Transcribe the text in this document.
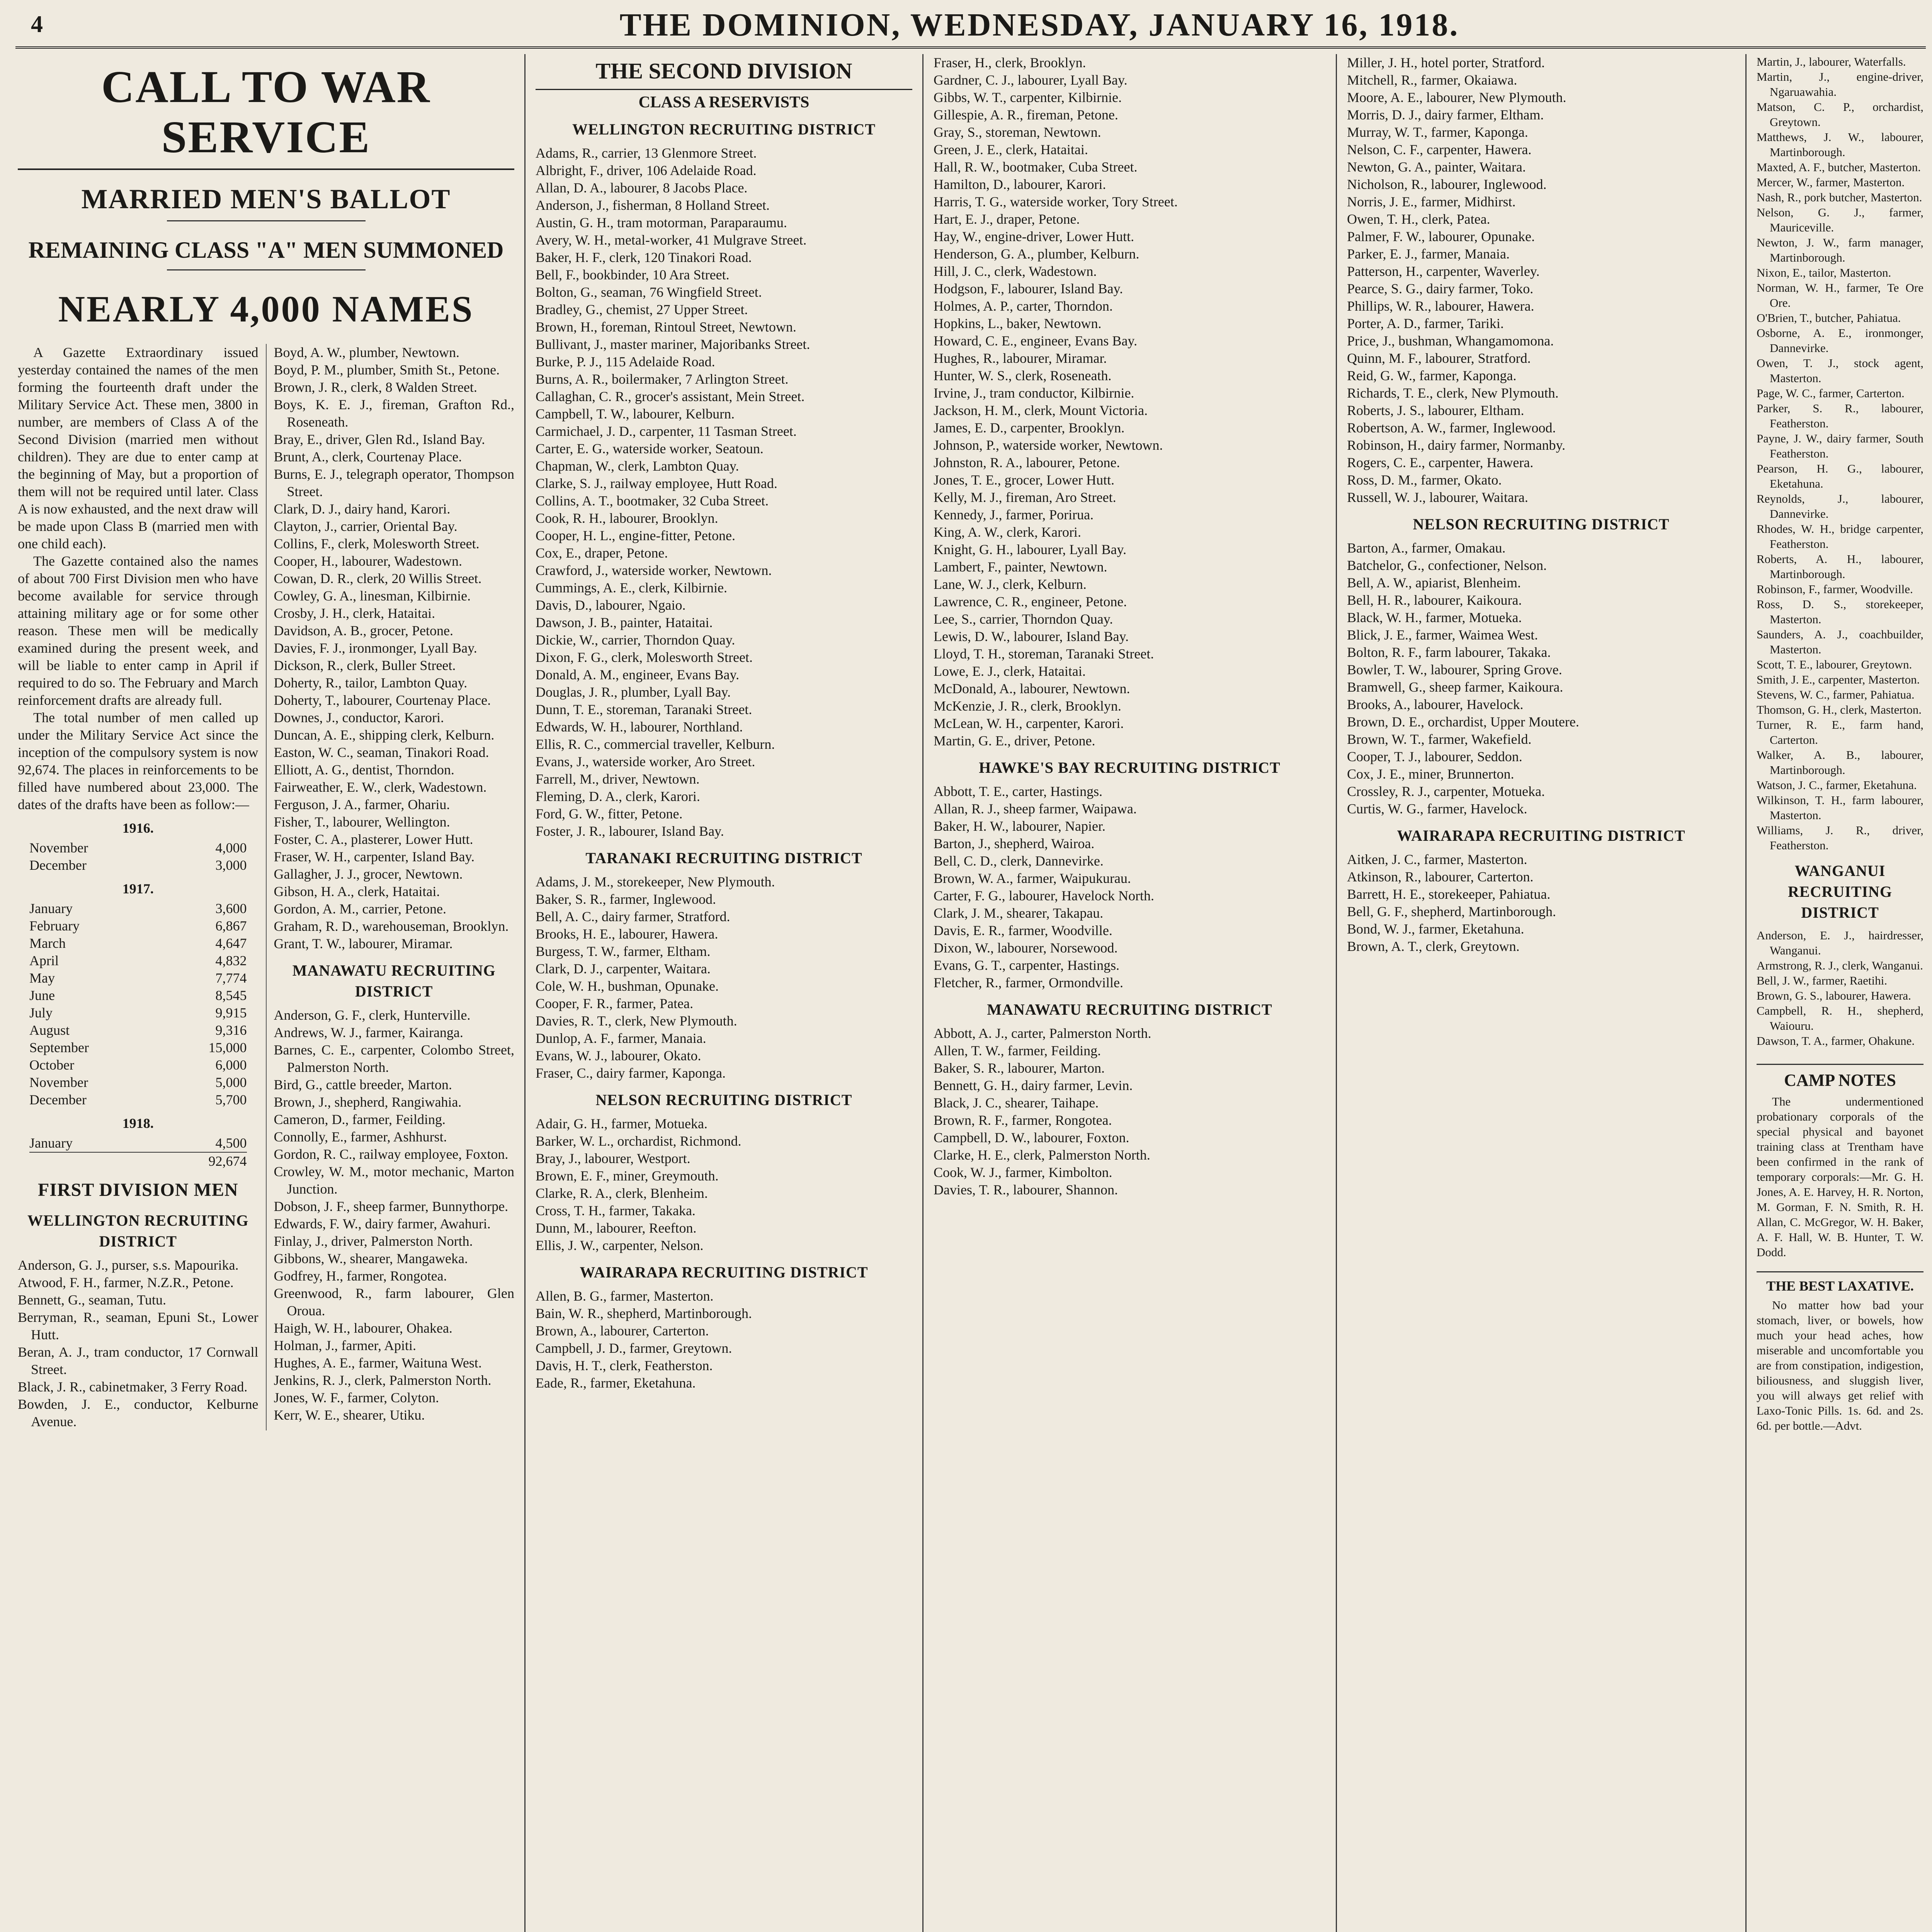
4	THE DOMINION, WEDNESDAY, JANUARY 16, 1918.
CALL TO WAR SERVICE
MARRIED MEN'S BALLOT
REMAINING CLASS "A" MEN SUMMONED
NEARLY 4,000 NAMES

A Gazette Extraordinary issued yesterday contained the names of the men forming the fourteenth draft under the Military Service Act. These men, 3800 in number, are members of Class A of the Second Division (married men without children). They are due to enter camp at the beginning of May, but a proportion of them will not be required until later. Class A is now exhausted, and the next draw will be made upon Class B (married men with one child each).

The Gazette contained also the names of about 700 First Division men who have become available for service through attaining military age or for some other reason. These men will be medically examined during the present week, and will be liable to enter camp in April if required to do so. The February and March reinforcement drafts are already full.

The total number of men called up under the Military Service Act since the inception of the compulsory system is now 92,674. The places in reinforcements to be filled have numbered about 23,000. The dates of the drafts have been as follow:—

1916.
November	4,000
December	3,000
1917.
January	3,600
February	6,867
March	4,647
April	4,832
May	7,774
June	8,545
July	9,915
August	9,316
September	15,000
October	6,000
November	5,000
December	5,700
1918.
January	4,500
92,674
FIRST DIVISION MEN
WELLINGTON RECRUITING DISTRICT

Anderson, G. J., purser, s.s. Mapourika.

Atwood, F. H., farmer, N.Z.R., Petone.

Bennett, G., seaman, Tutu.

Berryman, R., seaman, Epuni St., Lower Hutt.

Beran, A. J., tram conductor, 17 Cornwall Street.

Black, J. R., cabinetmaker, 3 Ferry Road.

Bowden, J. E., conductor, Kelburne Avenue.

Boyd, A. W., plumber, Newtown.

Boyd, P. M., plumber, Smith St., Petone.

Brown, J. R., clerk, 8 Walden Street.

Boys, K. E. J., fireman, Grafton Rd., Roseneath.

Bray, E., driver, Glen Rd., Island Bay.

Brunt, A., clerk, Courtenay Place.

Burns, E. J., telegraph operator, Thompson Street.

Clark, D. J., dairy hand, Karori.

Clayton, J., carrier, Oriental Bay.

Collins, F., clerk, Molesworth Street.

Cooper, H., labourer, Wadestown.

Cowan, D. R., clerk, 20 Willis Street.

Cowley, G. A., linesman, Kilbirnie.

Crosby, J. H., clerk, Hataitai.

Davidson, A. B., grocer, Petone.

Davies, F. J., ironmonger, Lyall Bay.

Dickson, R., clerk, Buller Street.

Doherty, R., tailor, Lambton Quay.

Doherty, T., labourer, Courtenay Place.

Downes, J., conductor, Karori.

Duncan, A. E., shipping clerk, Kelburn.

Easton, W. C., seaman, Tinakori Road.

Elliott, A. G., dentist, Thorndon.

Fairweather, E. W., clerk, Wadestown.

Ferguson, J. A., farmer, Ohariu.

Fisher, T., labourer, Wellington.

Foster, C. A., plasterer, Lower Hutt.

Fraser, W. H., carpenter, Island Bay.

Gallagher, J. J., grocer, Newtown.

Gibson, H. A., clerk, Hataitai.

Gordon, A. M., carrier, Petone.

Graham, R. D., warehouseman, Brooklyn.

Grant, T. W., labourer, Miramar.

MANAWATU RECRUITING DISTRICT

Anderson, G. F., clerk, Hunterville.

Andrews, W. J., farmer, Kairanga.

Barnes, C. E., carpenter, Colombo Street, Palmerston North.

Bird, G., cattle breeder, Marton.

Brown, J., shepherd, Rangiwahia.

Cameron, D., farmer, Feilding.

Connolly, E., farmer, Ashhurst.

Gordon, R. C., railway employee, Foxton.

Crowley, W. M., motor mechanic, Marton Junction.

Dobson, J. F., sheep farmer, Bunnythorpe.

Edwards, F. W., dairy farmer, Awahuri.

Finlay, J., driver, Palmerston North.

Gibbons, W., shearer, Mangaweka.

Godfrey, H., farmer, Rongotea.

Greenwood, R., farm labourer, Glen Oroua.

Haigh, W. H., labourer, Ohakea.

Holman, J., farmer, Apiti.

Hughes, A. E., farmer, Waituna West.

Jenkins, R. J., clerk, Palmerston North.

Jones, W. F., farmer, Colyton.

Kerr, W. E., shearer, Utiku.

THE SECOND DIVISION
CLASS A RESERVISTS
WELLINGTON RECRUITING DISTRICT

Adams, R., carrier, 13 Glenmore Street.

Albright, F., driver, 106 Adelaide Road.

Allan, D. A., labourer, 8 Jacobs Place.

Anderson, J., fisherman, 8 Holland Street.

Austin, G. H., tram motorman, Paraparaumu.

Avery, W. H., metal-worker, 41 Mulgrave Street.

Baker, H. F., clerk, 120 Tinakori Road.

Bell, F., bookbinder, 10 Ara Street.

Bolton, G., seaman, 76 Wingfield Street.

Bradley, G., chemist, 27 Upper Street.

Brown, H., foreman, Rintoul Street, Newtown.

Bullivant, J., master mariner, Majoribanks Street.

Burke, P. J., 115 Adelaide Road.

Burns, A. R., boilermaker, 7 Arlington Street.

Callaghan, C. R., grocer's assistant, Mein Street.

Campbell, T. W., labourer, Kelburn.

Carmichael, J. D., carpenter, 11 Tasman Street.

Carter, E. G., waterside worker, Seatoun.

Chapman, W., clerk, Lambton Quay.

Clarke, S. J., railway employee, Hutt Road.

Collins, A. T., bootmaker, 32 Cuba Street.

Cook, R. H., labourer, Brooklyn.

Cooper, H. L., engine-fitter, Petone.

Cox, E., draper, Petone.

Crawford, J., waterside worker, Newtown.

Cummings, A. E., clerk, Kilbirnie.

Davis, D., labourer, Ngaio.

Dawson, J. B., painter, Hataitai.

Dickie, W., carrier, Thorndon Quay.

Dixon, F. G., clerk, Molesworth Street.

Donald, A. M., engineer, Evans Bay.

Douglas, J. R., plumber, Lyall Bay.

Dunn, T. E., storeman, Taranaki Street.

Edwards, W. H., labourer, Northland.

Ellis, R. C., commercial traveller, Kelburn.

Evans, J., waterside worker, Aro Street.

Farrell, M., driver, Newtown.

Fleming, D. A., clerk, Karori.

Ford, G. W., fitter, Petone.

Foster, J. R., labourer, Island Bay.

TARANAKI RECRUITING DISTRICT

Adams, J. M., storekeeper, New Plymouth.

Baker, S. R., farmer, Inglewood.

Bell, A. C., dairy farmer, Stratford.

Brooks, H. E., labourer, Hawera.

Burgess, T. W., farmer, Eltham.

Clark, D. J., carpenter, Waitara.

Cole, W. H., bushman, Opunake.

Cooper, F. R., farmer, Patea.

Davies, R. T., clerk, New Plymouth.

Dunlop, A. F., farmer, Manaia.

Evans, W. J., labourer, Okato.

Fraser, C., dairy farmer, Kaponga.

NELSON RECRUITING DISTRICT

Adair, G. H., farmer, Motueka.

Barker, W. L., orchardist, Richmond.

Bray, J., labourer, Westport.

Brown, E. F., miner, Greymouth.

Clarke, R. A., clerk, Blenheim.

Cross, T. H., farmer, Takaka.

Dunn, M., labourer, Reefton.

Ellis, J. W., carpenter, Nelson.

WAIRARAPA RECRUITING DISTRICT

Allen, B. G., farmer, Masterton.

Bain, W. R., shepherd, Martinborough.

Brown, A., labourer, Carterton.

Campbell, J. D., farmer, Greytown.

Davis, H. T., clerk, Featherston.

Eade, R., farmer, Eketahuna.

Fraser, H., clerk, Brooklyn.

Gardner, C. J., labourer, Lyall Bay.

Gibbs, W. T., carpenter, Kilbirnie.

Gillespie, A. R., fireman, Petone.

Gray, S., storeman, Newtown.

Green, J. E., clerk, Hataitai.

Hall, R. W., bootmaker, Cuba Street.

Hamilton, D., labourer, Karori.

Harris, T. G., waterside worker, Tory Street.

Hart, E. J., draper, Petone.

Hay, W., engine-driver, Lower Hutt.

Henderson, G. A., plumber, Kelburn.

Hill, J. C., clerk, Wadestown.

Hodgson, F., labourer, Island Bay.

Holmes, A. P., carter, Thorndon.

Hopkins, L., baker, Newtown.

Howard, C. E., engineer, Evans Bay.

Hughes, R., labourer, Miramar.

Hunter, W. S., clerk, Roseneath.

Irvine, J., tram conductor, Kilbirnie.

Jackson, H. M., clerk, Mount Victoria.

James, E. D., carpenter, Brooklyn.

Johnson, P., waterside worker, Newtown.

Johnston, R. A., labourer, Petone.

Jones, T. E., grocer, Lower Hutt.

Kelly, M. J., fireman, Aro Street.

Kennedy, J., farmer, Porirua.

King, A. W., clerk, Karori.

Knight, G. H., labourer, Lyall Bay.

Lambert, F., painter, Newtown.

Lane, W. J., clerk, Kelburn.

Lawrence, C. R., engineer, Petone.

Lee, S., carrier, Thorndon Quay.

Lewis, D. W., labourer, Island Bay.

Lloyd, T. H., storeman, Taranaki Street.

Lowe, E. J., clerk, Hataitai.

McDonald, A., labourer, Newtown.

McKenzie, J. R., clerk, Brooklyn.

McLean, W. H., carpenter, Karori.

Martin, G. E., driver, Petone.

HAWKE'S BAY RECRUITING DISTRICT

Abbott, T. E., carter, Hastings.

Allan, R. J., sheep farmer, Waipawa.

Baker, H. W., labourer, Napier.

Barton, J., shepherd, Wairoa.

Bell, C. D., clerk, Dannevirke.

Brown, W. A., farmer, Waipukurau.

Carter, F. G., labourer, Havelock North.

Clark, J. M., shearer, Takapau.

Davis, E. R., farmer, Woodville.

Dixon, W., labourer, Norsewood.

Evans, G. T., carpenter, Hastings.

Fletcher, R., farmer, Ormondville.

MANAWATU RECRUITING DISTRICT

Abbott, A. J., carter, Palmerston North.

Allen, T. W., farmer, Feilding.

Baker, S. R., labourer, Marton.

Bennett, G. H., dairy farmer, Levin.

Black, J. C., shearer, Taihape.

Brown, R. F., farmer, Rongotea.

Campbell, D. W., labourer, Foxton.

Clarke, H. E., clerk, Palmerston North.

Cook, W. J., farmer, Kimbolton.

Davies, T. R., labourer, Shannon.

Miller, J. H., hotel porter, Stratford.

Mitchell, R., farmer, Okaiawa.

Moore, A. E., labourer, New Plymouth.

Morris, D. J., dairy farmer, Eltham.

Murray, W. T., farmer, Kaponga.

Nelson, C. F., carpenter, Hawera.

Newton, G. A., painter, Waitara.

Nicholson, R., labourer, Inglewood.

Norris, J. E., farmer, Midhirst.

Owen, T. H., clerk, Patea.

Palmer, F. W., labourer, Opunake.

Parker, E. J., farmer, Manaia.

Patterson, H., carpenter, Waverley.

Pearce, S. G., dairy farmer, Toko.

Phillips, W. R., labourer, Hawera.

Porter, A. D., farmer, Tariki.

Price, J., bushman, Whangamomona.

Quinn, M. F., labourer, Stratford.

Reid, G. W., farmer, Kaponga.

Richards, T. E., clerk, New Plymouth.

Roberts, J. S., labourer, Eltham.

Robertson, A. W., farmer, Inglewood.

Robinson, H., dairy farmer, Normanby.

Rogers, C. E., carpenter, Hawera.

Ross, D. M., farmer, Okato.

Russell, W. J., labourer, Waitara.

NELSON RECRUITING DISTRICT

Barton, A., farmer, Omakau.

Batchelor, G., confectioner, Nelson.

Bell, A. W., apiarist, Blenheim.

Bell, H. R., labourer, Kaikoura.

Black, W. H., farmer, Motueka.

Blick, J. E., farmer, Waimea West.

Bolton, R. F., farm labourer, Takaka.

Bowler, T. W., labourer, Spring Grove.

Bramwell, G., sheep farmer, Kaikoura.

Brooks, A., labourer, Havelock.

Brown, D. E., orchardist, Upper Moutere.

Brown, W. T., farmer, Wakefield.

Cooper, T. J., labourer, Seddon.

Cox, J. E., miner, Brunnerton.

Crossley, R. J., carpenter, Motueka.

Curtis, W. G., farmer, Havelock.

WAIRARAPA RECRUITING DISTRICT

Aitken, J. C., farmer, Masterton.

Atkinson, R., labourer, Carterton.

Barrett, H. E., storekeeper, Pahiatua.

Bell, G. F., shepherd, Martinborough.

Bond, W. J., farmer, Eketahuna.

Brown, A. T., clerk, Greytown.

Martin, J., labourer, Waterfalls.

Martin, J., engine-driver, Ngaruawahia.

Matson, C. P., orchardist, Greytown.

Matthews, J. W., labourer, Martinborough.

Maxted, A. F., butcher, Masterton.

Mercer, W., farmer, Masterton.

Nash, R., pork butcher, Masterton.

Nelson, G. J., farmer, Mauriceville.

Newton, J. W., farm manager, Martinborough.

Nixon, E., tailor, Masterton.

Norman, W. H., farmer, Te Ore Ore.

O'Brien, T., butcher, Pahiatua.

Osborne, A. E., ironmonger, Dannevirke.

Owen, T. J., stock agent, Masterton.

Page, W. C., farmer, Carterton.

Parker, S. R., labourer, Featherston.

Payne, J. W., dairy farmer, South Featherston.

Pearson, H. G., labourer, Eketahuna.

Reynolds, J., labourer, Dannevirke.

Rhodes, W. H., bridge carpenter, Featherston.

Roberts, A. H., labourer, Martinborough.

Robinson, F., farmer, Woodville.

Ross, D. S., storekeeper, Masterton.

Saunders, A. J., coachbuilder, Masterton.

Scott, T. E., labourer, Greytown.

Smith, J. E., carpenter, Masterton.

Stevens, W. C., farmer, Pahiatua.

Thomson, G. H., clerk, Masterton.

Turner, R. E., farm hand, Carterton.

Walker, A. B., labourer, Martinborough.

Watson, J. C., farmer, Eketahuna.

Wilkinson, T. H., farm labourer, Masterton.

Williams, J. R., driver, Featherston.

WANGANUI RECRUITING DISTRICT

Anderson, E. J., hairdresser, Wanganui.

Armstrong, R. J., clerk, Wanganui.

Bell, J. W., farmer, Raetihi.

Brown, G. S., labourer, Hawera.

Campbell, R. H., shepherd, Waiouru.

Dawson, T. A., farmer, Ohakune.

CAMP NOTES

The undermentioned probationary corporals of the special physical and bayonet training class at Trentham have been confirmed in the rank of temporary corporals:—Mr. G. H. Jones, A. E. Harvey, H. R. Norton, M. Gorman, F. N. Smith, R. H. Allan, C. McGregor, W. H. Baker, A. F. Hall, W. B. Hunter, T. W. Dodd.

THE BEST LAXATIVE.

No matter how bad your stomach, liver, or bowels, how much your head aches, how miserable and uncomfortable you are from constipation, indigestion, biliousness, and sluggish liver, you will always get relief with Laxo-Tonic Pills. 1s. 6d. and 2s. 6d. per bottle.—Advt.
